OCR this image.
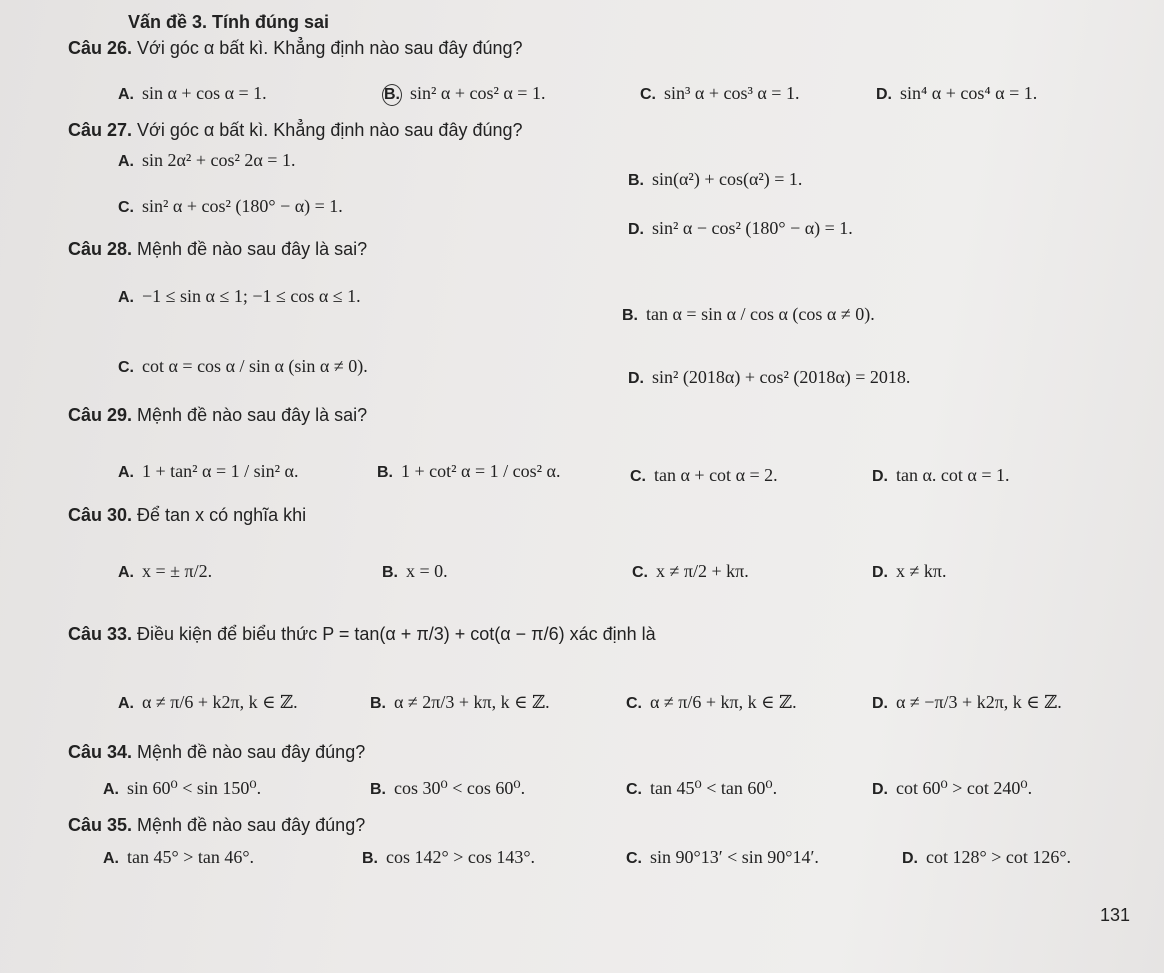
Vấn đề 3. Tính đúng sai
Câu 26. Với góc α bất kì. Khẳng định nào sau đây đúng?
A. sin α + cos α = 1.	B. sin² α + cos² α = 1.	C. sin³ α + cos³ α = 1.	D. sin⁴ α + cos⁴ α = 1.
Câu 27. Với góc α bất kì. Khẳng định nào sau đây đúng?
A. sin 2α² + cos² 2α = 1.
B. sin(α²) + cos(α²) = 1.
C. sin² α + cos² (180° − α) = 1.
D. sin² α − cos² (180° − α) = 1.
Câu 28. Mệnh đề nào sau đây là sai?
A. −1 ≤ sin α ≤ 1; −1 ≤ cos α ≤ 1.
B. tan α = sin α / cos α (cos α ≠ 0).
C. cot α = cos α / sin α (sin α ≠ 0).
D. sin² (2018α) + cos² (2018α) = 2018.
Câu 29. Mệnh đề nào sau đây là sai?
A. 1 + tan² α = 1 / sin² α.	B. 1 + cot² α = 1 / cos² α.	C. tan α + cot α = 2.	D. tan α. cot α = 1.
Câu 30. Để tan x có nghĩa khi
A. x = ± π/2.	B. x = 0.	C. x ≠ π/2 + kπ.	D. x ≠ kπ.
Câu 33. Điều kiện để biểu thức P = tan(α + π/3) + cot(α − π/6) xác định là
A. α ≠ π/6 + k2π, k ∈ ℤ.	B. α ≠ 2π/3 + kπ, k ∈ ℤ.	C. α ≠ π/6 + kπ, k ∈ ℤ.	D. α ≠ −π/3 + k2π, k ∈ ℤ.
Câu 34. Mệnh đề nào sau đây đúng?
A. sin 60⁰ < sin 150⁰.	B. cos 30⁰ < cos 60⁰.	C. tan 45⁰ < tan 60⁰.	D. cot 60⁰ > cot 240⁰.
Câu 35. Mệnh đề nào sau đây đúng?
A. tan 45° > tan 46°.	B. cos 142° > cos 143°.	C. sin 90°13′ < sin 90°14′.	D. cot 128° > cot 126°.
131
